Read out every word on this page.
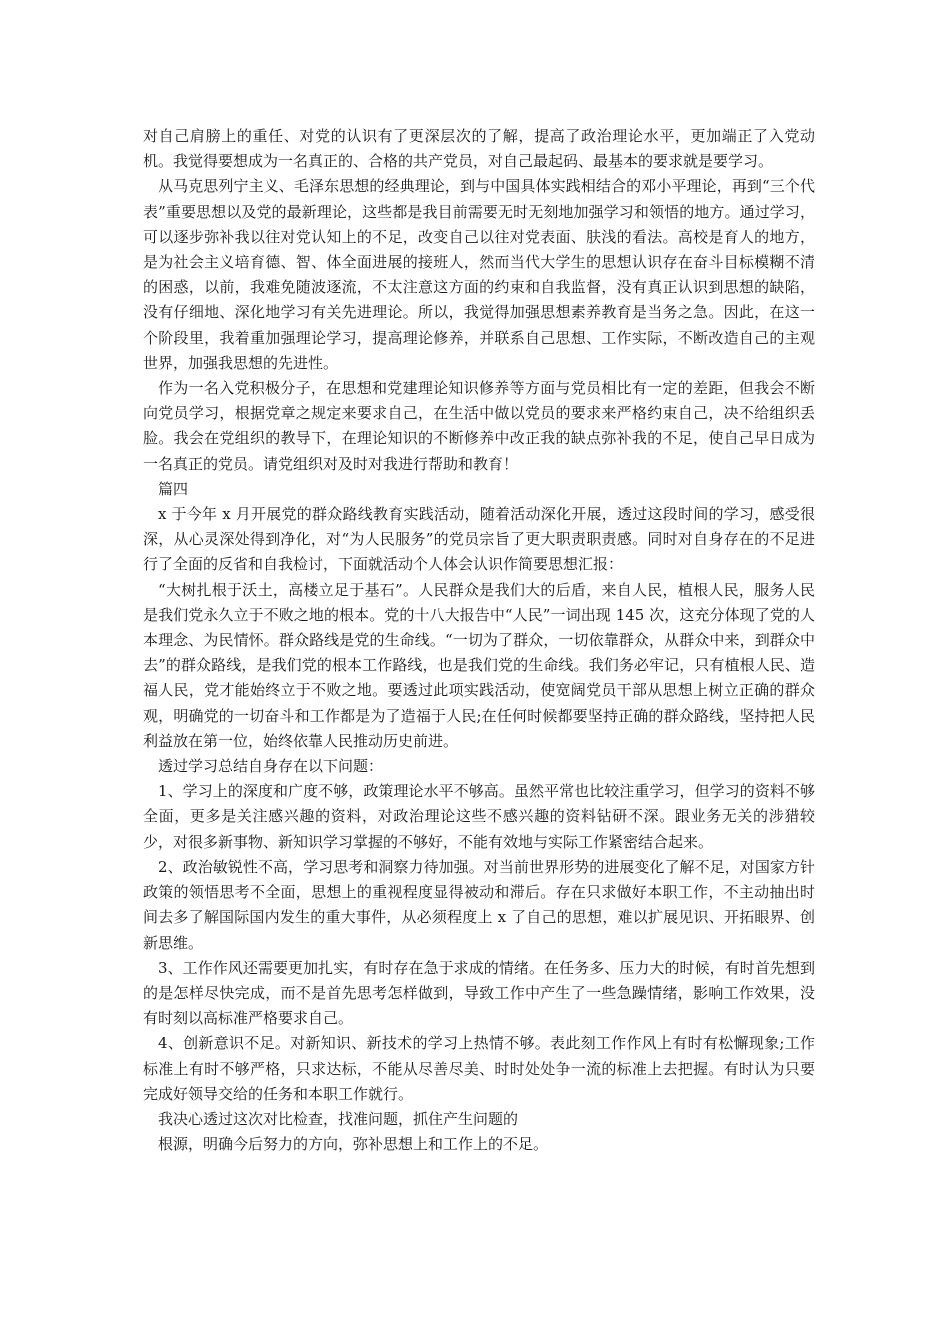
对自己肩膀上的重任、对党的认识有了更深层次的了解，提高了政治理论水平，更加端正了入党动机。我觉得要想成为一名真正的、合格的共产党员，对自己最起码、最基本的要求就是要学习。

从马克思列宁主义、毛泽东思想的经典理论，到与中国具体实践相结合的邓小平理论，再到“三个代表”重要思想以及党的最新理论，这些都是我目前需要无时无刻地加强学习和领悟的地方。通过学习，可以逐步弥补我以往对党认知上的不足，改变自己以往对党表面、肤浅的看法。高校是育人的地方，是为社会主义培育德、智、体全面进展的接班人，然而当代大学生的思想认识存在奋斗目标模糊不清的困惑，以前，我难免随波逐流，不太注意这方面的约束和自我监督，没有真正认识到思想的缺陷，没有仔细地、深化地学习有关先进理论。所以，我觉得加强思想素养教育是当务之急。因此，在这一个阶段里，我着重加强理论学习，提高理论修养，并联系自己思想、工作实际，不断改造自己的主观世界，加强我思想的先进性。

作为一名入党积极分子，在思想和党建理论知识修养等方面与党员相比有一定的差距，但我会不断向党员学习，根据党章之规定来要求自己，在生活中做以党员的要求来严格约束自己，决不给组织丢脸。我会在党组织的教导下，在理论知识的不断修养中改正我的缺点弥补我的不足，使自己早日成为一名真正的党员。请党组织对及时对我进行帮助和教育！

篇四

x 于今年 x 月开展党的群众路线教育实践活动，随着活动深化开展，透过这段时间的学习，感受很深，从心灵深处得到净化，对“为人民服务”的党员宗旨了更大职责职责感。同时对自身存在的不足进行了全面的反省和自我检讨，下面就活动个人体会认识作简要思想汇报：

“大树扎根于沃土，高楼立足于基石”。人民群众是我们大的后盾，来自人民，植根人民，服务人民是我们党永久立于不败之地的根本。党的十八大报告中“人民”一词出现 145 次，这充分体现了党的人本理念、为民情怀。群众路线是党的生命线。“一切为了群众，一切依靠群众，从群众中来，到群众中去”的群众路线，是我们党的根本工作路线，也是我们党的生命线。我们务必牢记，只有植根人民、造福人民，党才能始终立于不败之地。要透过此项实践活动，使宽阔党员干部从思想上树立正确的群众观，明确党的一切奋斗和工作都是为了造福于人民;在任何时候都要坚持正确的群众路线，坚持把人民利益放在第一位，始终依靠人民推动历史前进。

透过学习总结自身存在以下问题：

1、学习上的深度和广度不够，政策理论水平不够高。虽然平常也比较注重学习，但学习的资料不够全面，更多是关注感兴趣的资料，对政治理论这些不感兴趣的资料钻研不深。跟业务无关的涉猎较少，对很多新事物、新知识学习掌握的不够好，不能有效地与实际工作紧密结合起来。

2、政治敏锐性不高，学习思考和洞察力待加强。对当前世界形势的进展变化了解不足，对国家方针政策的领悟思考不全面，思想上的重视程度显得被动和滞后。存在只求做好本职工作，不主动抽出时间去多了解国际国内发生的重大事件，从必须程度上 x 了自己的思想，难以扩展见识、开拓眼界、创新思维。

3、工作作风还需要更加扎实，有时存在急于求成的情绪。在任务多、压力大的时候，有时首先想到的是怎样尽快完成，而不是首先思考怎样做到，导致工作中产生了一些急躁情绪，影响工作效果，没有时刻以高标准严格要求自己。

4、创新意识不足。对新知识、新技术的学习上热情不够。表此刻工作作风上有时有松懈现象;工作标准上有时不够严格，只求达标，不能从尽善尽美、时时处处争一流的标准上去把握。有时认为只要完成好领导交给的任务和本职工作就行。

我决心透过这次对比检查，找准问题，抓住产生问题的

根源，明确今后努力的方向，弥补思想上和工作上的不足。
